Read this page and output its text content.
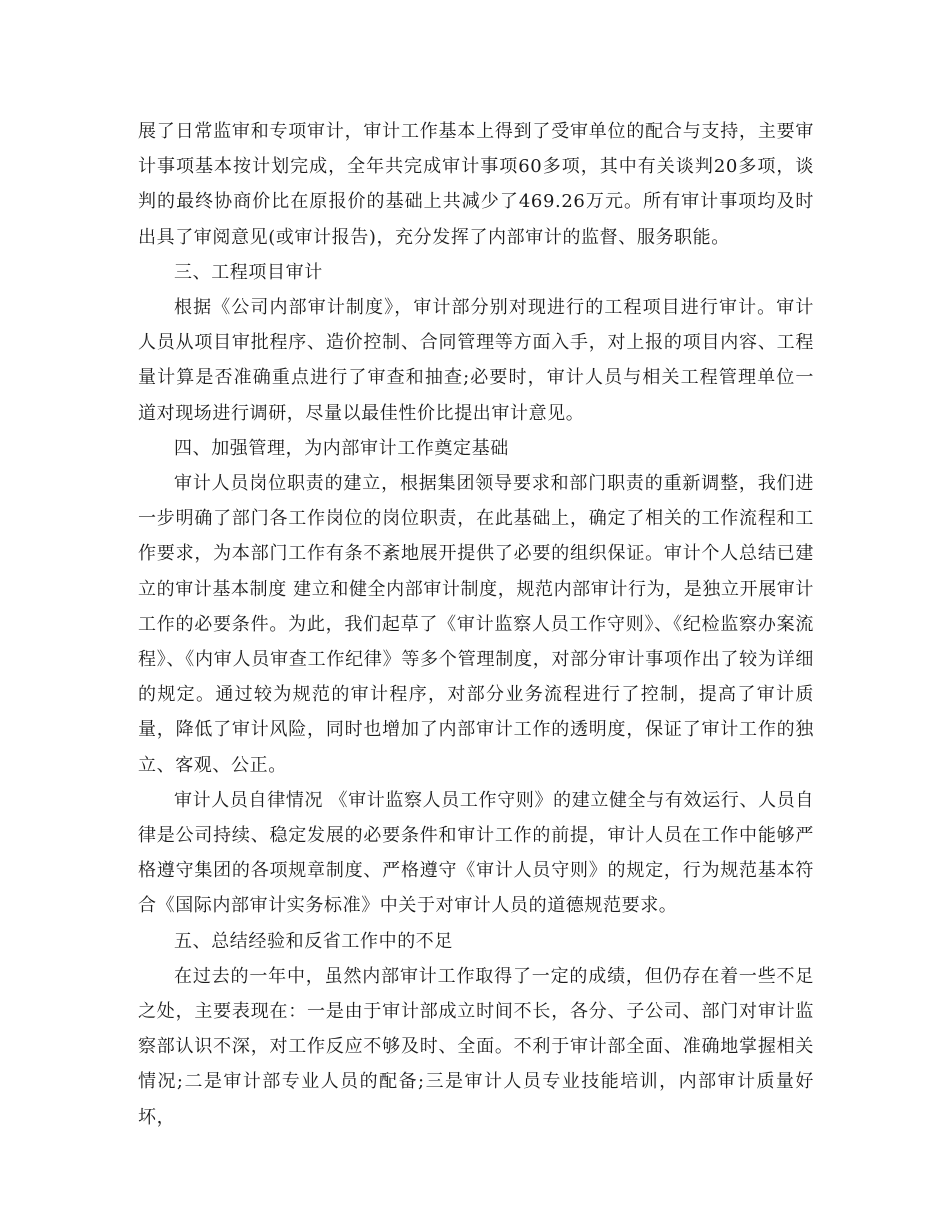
展了日常监审和专项审计，审计工作基本上得到了受审单位的配合与支持，主要审计事项基本按计划完成，全年共完成审计事项60多项，其中有关谈判20多项，谈判的最终协商价比在原报价的基础上共减少了469.26万元。所有审计事项均及时出具了审阅意见(或审计报告)，充分发挥了内部审计的监督、服务职能。

三、工程项目审计

根据《公司内部审计制度》，审计部分别对现进行的工程项目进行审计。审计人员从项目审批程序、造价控制、合同管理等方面入手，对上报的项目内容、工程量计算是否准确重点进行了审查和抽查;必要时，审计人员与相关工程管理单位一道对现场进行调研，尽量以最佳性价比提出审计意见。

四、加强管理，为内部审计工作奠定基础

审计人员岗位职责的建立，根据集团领导要求和部门职责的重新调整，我们进一步明确了部门各工作岗位的岗位职责，在此基础上，确定了相关的工作流程和工作要求，为本部门工作有条不紊地展开提供了必要的组织保证。审计个人总结已建立的审计基本制度 建立和健全内部审计制度，规范内部审计行为，是独立开展审计工作的必要条件。为此，我们起草了《审计监察人员工作守则》、《纪检监察办案流程》、《内审人员审查工作纪律》等多个管理制度，对部分审计事项作出了较为详细的规定。通过较为规范的审计程序，对部分业务流程进行了控制，提高了审计质量，降低了审计风险，同时也增加了内部审计工作的透明度，保证了审计工作的独立、客观、公正。

审计人员自律情况 《审计监察人员工作守则》的建立健全与有效运行、人员自律是公司持续、稳定发展的必要条件和审计工作的前提，审计人员在工作中能够严格遵守集团的各项规章制度、严格遵守《审计人员守则》的规定，行为规范基本符合《国际内部审计实务标准》中关于对审计人员的道德规范要求。

五、总结经验和反省工作中的不足

在过去的一年中，虽然内部审计工作取得了一定的成绩，但仍存在着一些不足之处，主要表现在：一是由于审计部成立时间不长，各分、子公司、部门对审计监察部认识不深，对工作反应不够及时、全面。不利于审计部全面、准确地掌握相关情况;二是审计部专业人员的配备;三是审计人员专业技能培训，内部审计质量好坏，
